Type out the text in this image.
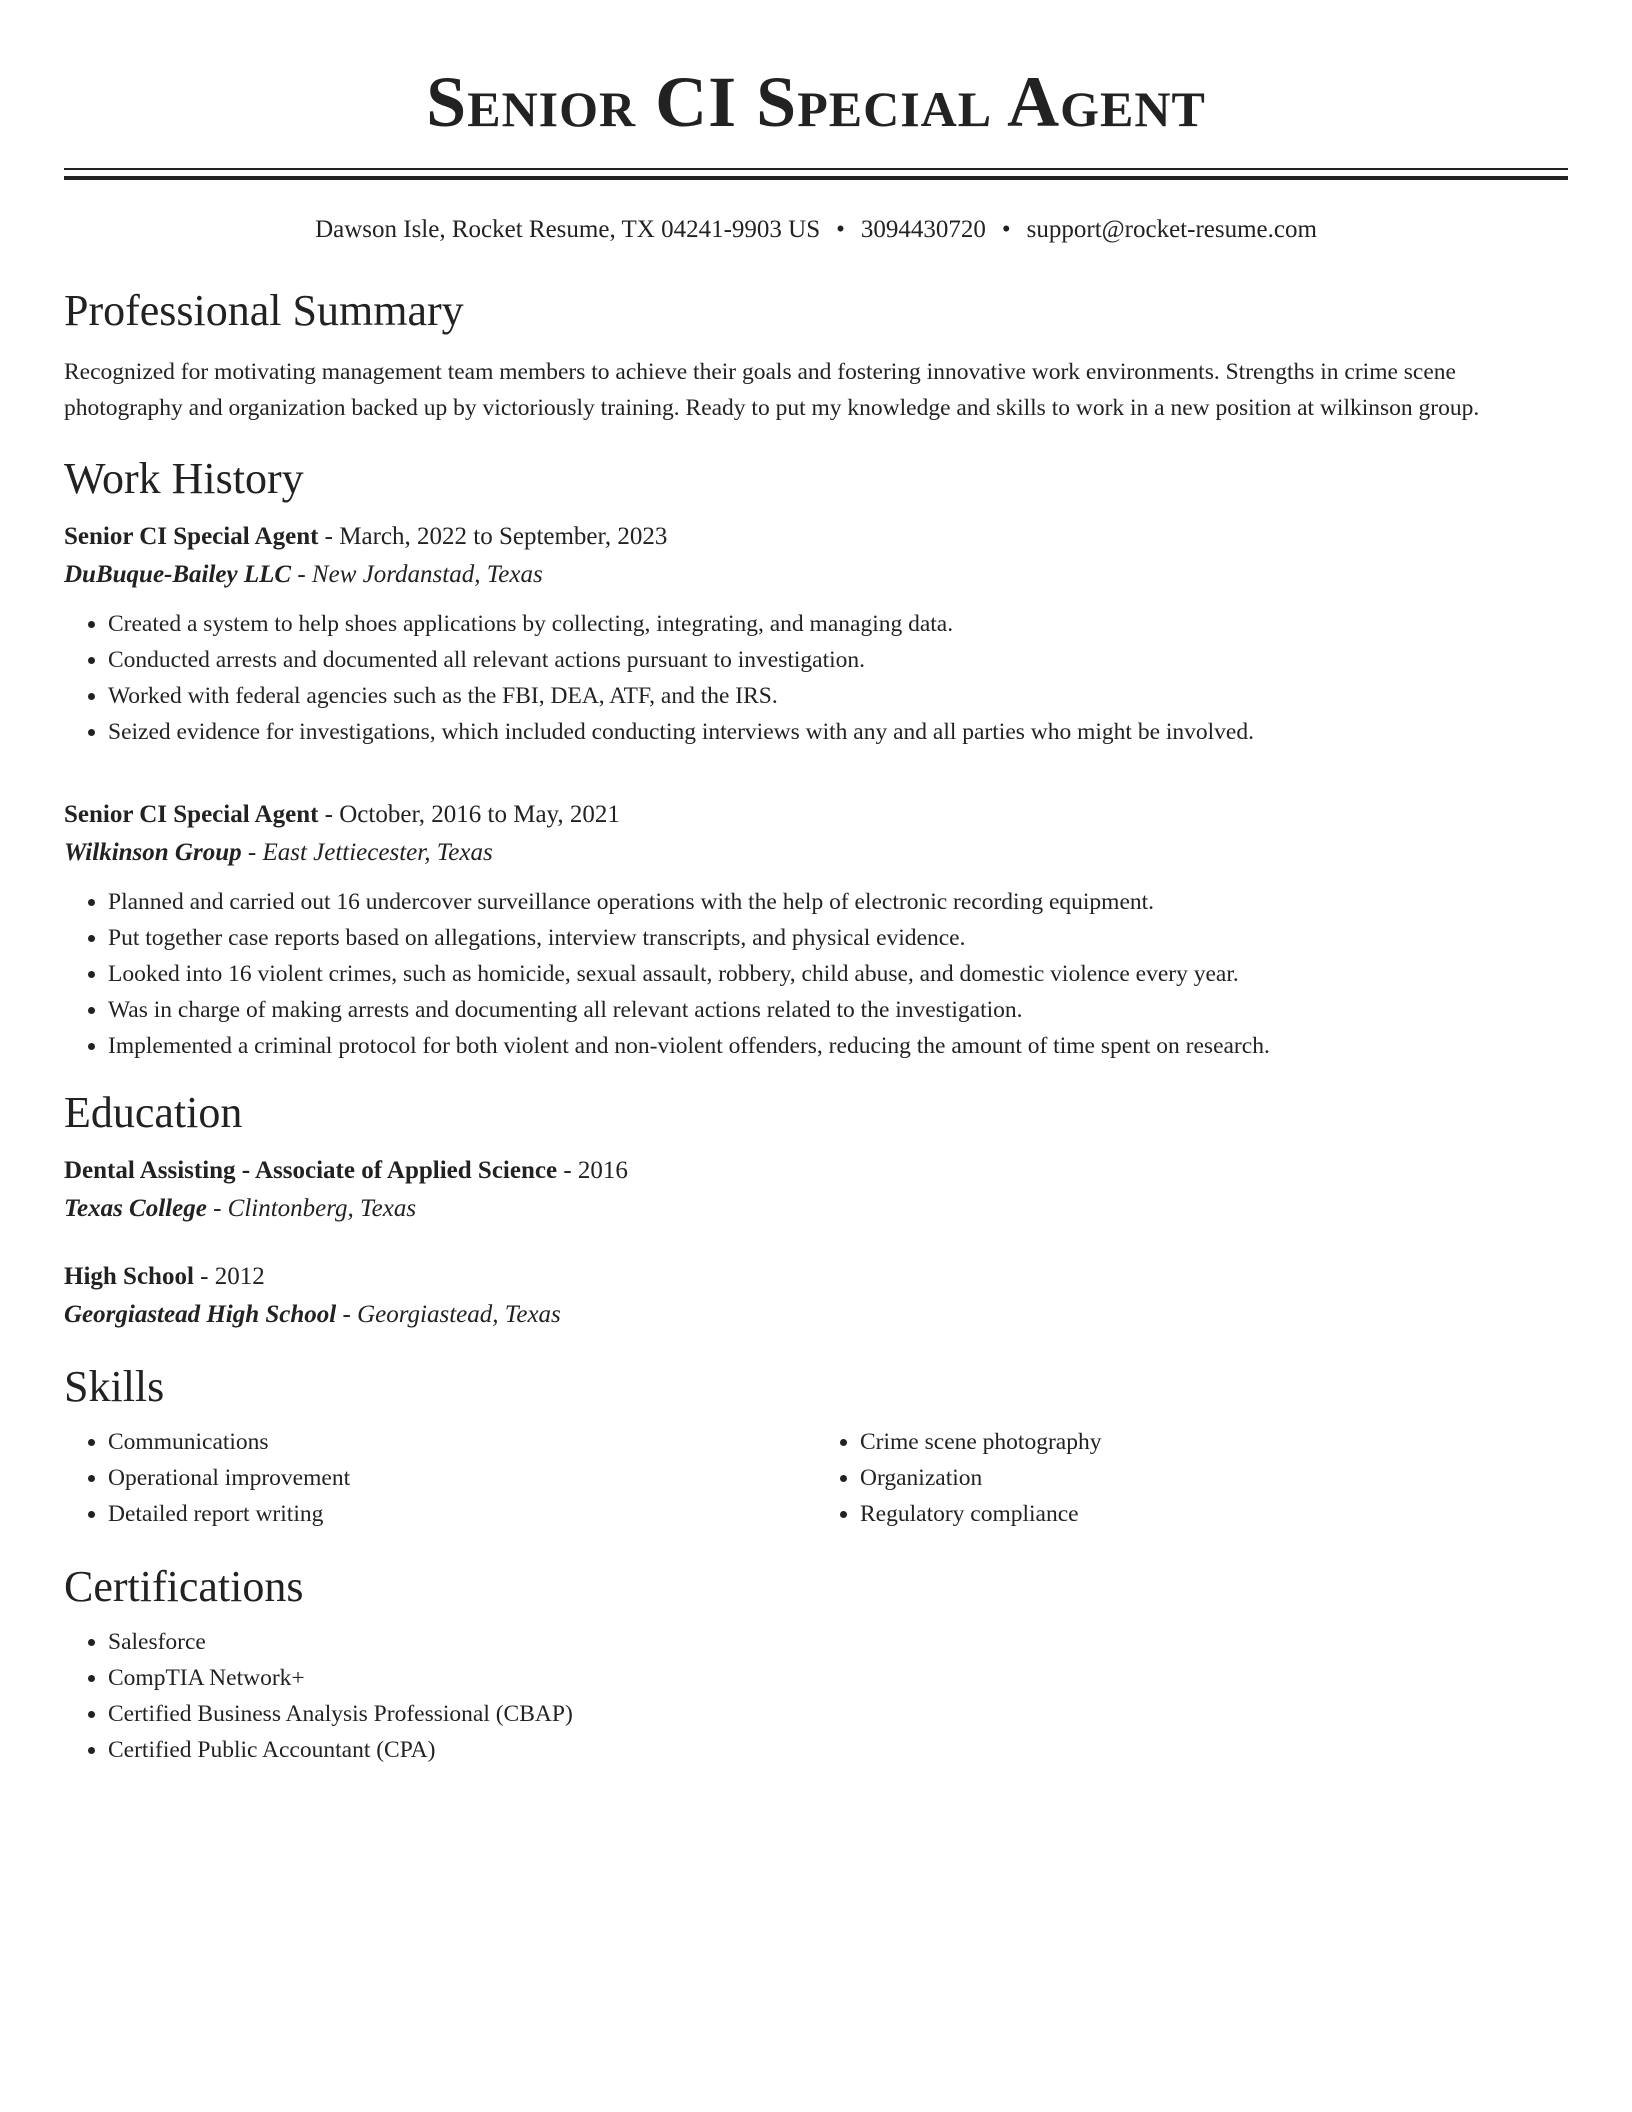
Senior CI Special Agent
Dawson Isle, Rocket Resume, TX 04241-9903 US • 3094430720 • support@rocket-resume.com
Professional Summary
Recognized for motivating management team members to achieve their goals and fostering innovative work environments. Strengths in crime scene photography and organization backed up by victoriously training. Ready to put my knowledge and skills to work in a new position at wilkinson group.
Work History
Senior CI Special Agent - March, 2022 to September, 2023
DuBuque-Bailey LLC - New Jordanstad, Texas
• Created a system to help shoes applications by collecting, integrating, and managing data.
• Conducted arrests and documented all relevant actions pursuant to investigation.
• Worked with federal agencies such as the FBI, DEA, ATF, and the IRS.
• Seized evidence for investigations, which included conducting interviews with any and all parties who might be involved.
Senior CI Special Agent - October, 2016 to May, 2021
Wilkinson Group - East Jettiecester, Texas
• Planned and carried out 16 undercover surveillance operations with the help of electronic recording equipment.
• Put together case reports based on allegations, interview transcripts, and physical evidence.
• Looked into 16 violent crimes, such as homicide, sexual assault, robbery, child abuse, and domestic violence every year.
• Was in charge of making arrests and documenting all relevant actions related to the investigation.
• Implemented a criminal protocol for both violent and non-violent offenders, reducing the amount of time spent on research.
Education
Dental Assisting - Associate of Applied Science - 2016
Texas College - Clintonberg, Texas
High School - 2012
Georgiastead High School - Georgiastead, Texas
Skills
• Communications
• Operational improvement
• Detailed report writing
• Crime scene photography
• Organization
• Regulatory compliance
Certifications
• Salesforce
• CompTIA Network+
• Certified Business Analysis Professional (CBAP)
• Certified Public Accountant (CPA)
